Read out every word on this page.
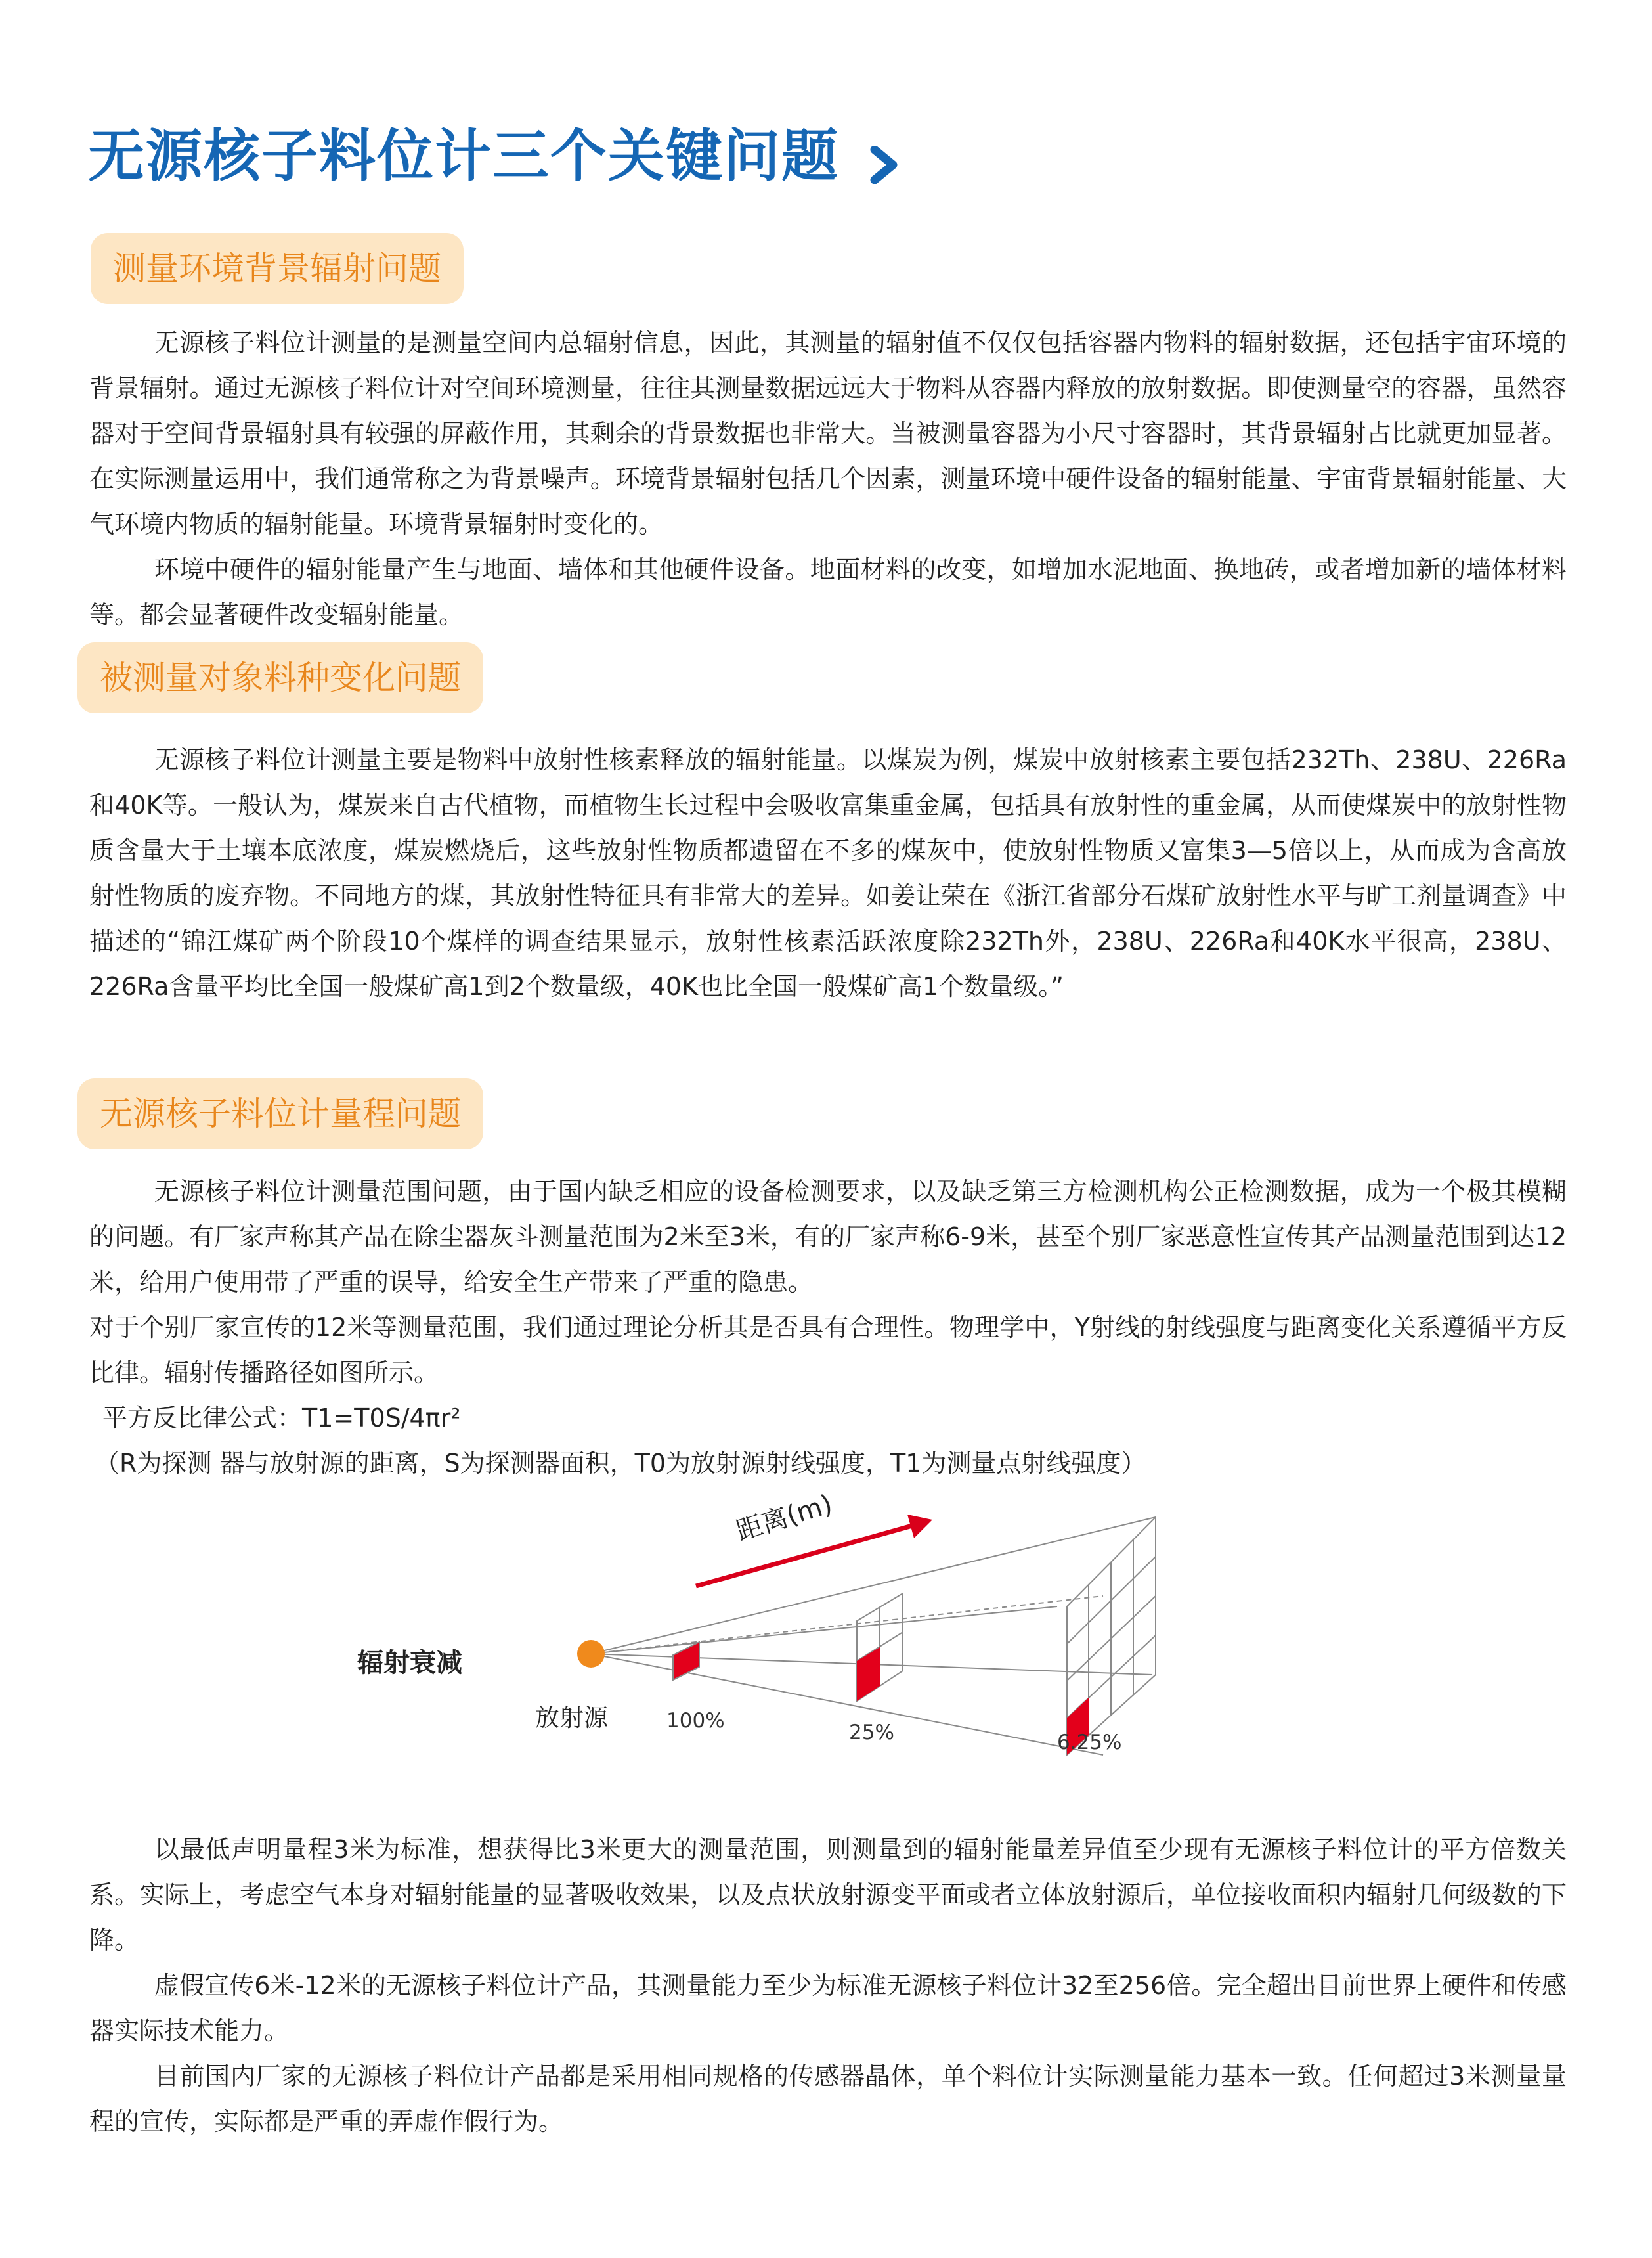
无源核子料位计三个关键问题
测量环境背景辐射问题

无源核子料位计测量的是测量空间内总辐射信息，因此，其测量的辐射值不仅仅包括容器内物料的辐射数据，还包括宇宙环境的背景辐射。通过无源核子料位计对空间环境测量，往往其测量数据远远大于物料从容器内释放的放射数据。即使测量空的容器，虽然容器对于空间背景辐射具有较强的屏蔽作用，其剩余的背景数据也非常大。当被测量容器为小尺寸容器时，其背景辐射占比就更加显著。在实际测量运用中，我们通常称之为背景噪声。环境背景辐射包括几个因素，测量环境中硬件设备的辐射能量、宇宙背景辐射能量、大气环境内物质的辐射能量。环境背景辐射时变化的。

环境中硬件的辐射能量产生与地面、墙体和其他硬件设备。地面材料的改变，如增加水泥地面、换地砖，或者增加新的墙体材料等。都会显著硬件改变辐射能量。

被测量对象料种变化问题

无源核子料位计测量主要是物料中放射性核素释放的辐射能量。以煤炭为例，煤炭中放射核素主要包括232Th、238U、226Ra和40K等。一般认为，煤炭来自古代植物，而植物生长过程中会吸收富集重金属，包括具有放射性的重金属，从而使煤炭中的放射性物质含量大于土壤本底浓度，煤炭燃烧后，这些放射性物质都遗留在不多的煤灰中，使放射性物质又富集3—5倍以上，从而成为含高放射性物质的废弃物。不同地方的煤，其放射性特征具有非常大的差异。如姜让荣在《浙江省部分石煤矿放射性水平与旷工剂量调查》中描述的“锦江煤矿两个阶段10个煤样的调查结果显示，放射性核素活跃浓度除232Th外，238U、226Ra和40K水平很高，238U、226Ra含量平均比全国一般煤矿高1到2个数量级，40K也比全国一般煤矿高1个数量级。”

无源核子料位计量程问题

无源核子料位计测量范围问题，由于国内缺乏相应的设备检测要求，以及缺乏第三方检测机构公正检测数据，成为一个极其模糊的问题。有厂家声称其产品在除尘器灰斗测量范围为2米至3米，有的厂家声称6-9米，甚至个别厂家恶意性宣传其产品测量范围到达12米，给用户使用带了严重的误导，给安全生产带来了严重的隐患。

对于个别厂家宣传的12米等测量范围，我们通过理论分析其是否具有合理性。物理学中，Y射线的射线强度与距离变化关系遵循平方反比律。辐射传播路径如图所示。

平方反比律公式：T1=T0S/4πr²

（R为探测 器与放射源的距离，S为探测器面积，T0为放射源射线强度，T1为测量点射线强度）

距离(m)
辐射衰减
放射源	100%	25%	6.25%

以最低声明量程3米为标准，想获得比3米更大的测量范围，则测量到的辐射能量差异值至少现有无源核子料位计的平方倍数关系。实际上，考虑空气本身对辐射能量的显著吸收效果，以及点状放射源变平面或者立体放射源后，单位接收面积内辐射几何级数的下降。

虚假宣传6米-12米的无源核子料位计产品，其测量能力至少为标准无源核子料位计32至256倍。完全超出目前世界上硬件和传感器实际技术能力。

目前国内厂家的无源核子料位计产品都是采用相同规格的传感器晶体，单个料位计实际测量能力基本一致。任何超过3米测量量程的宣传，实际都是严重的弄虚作假行为。
